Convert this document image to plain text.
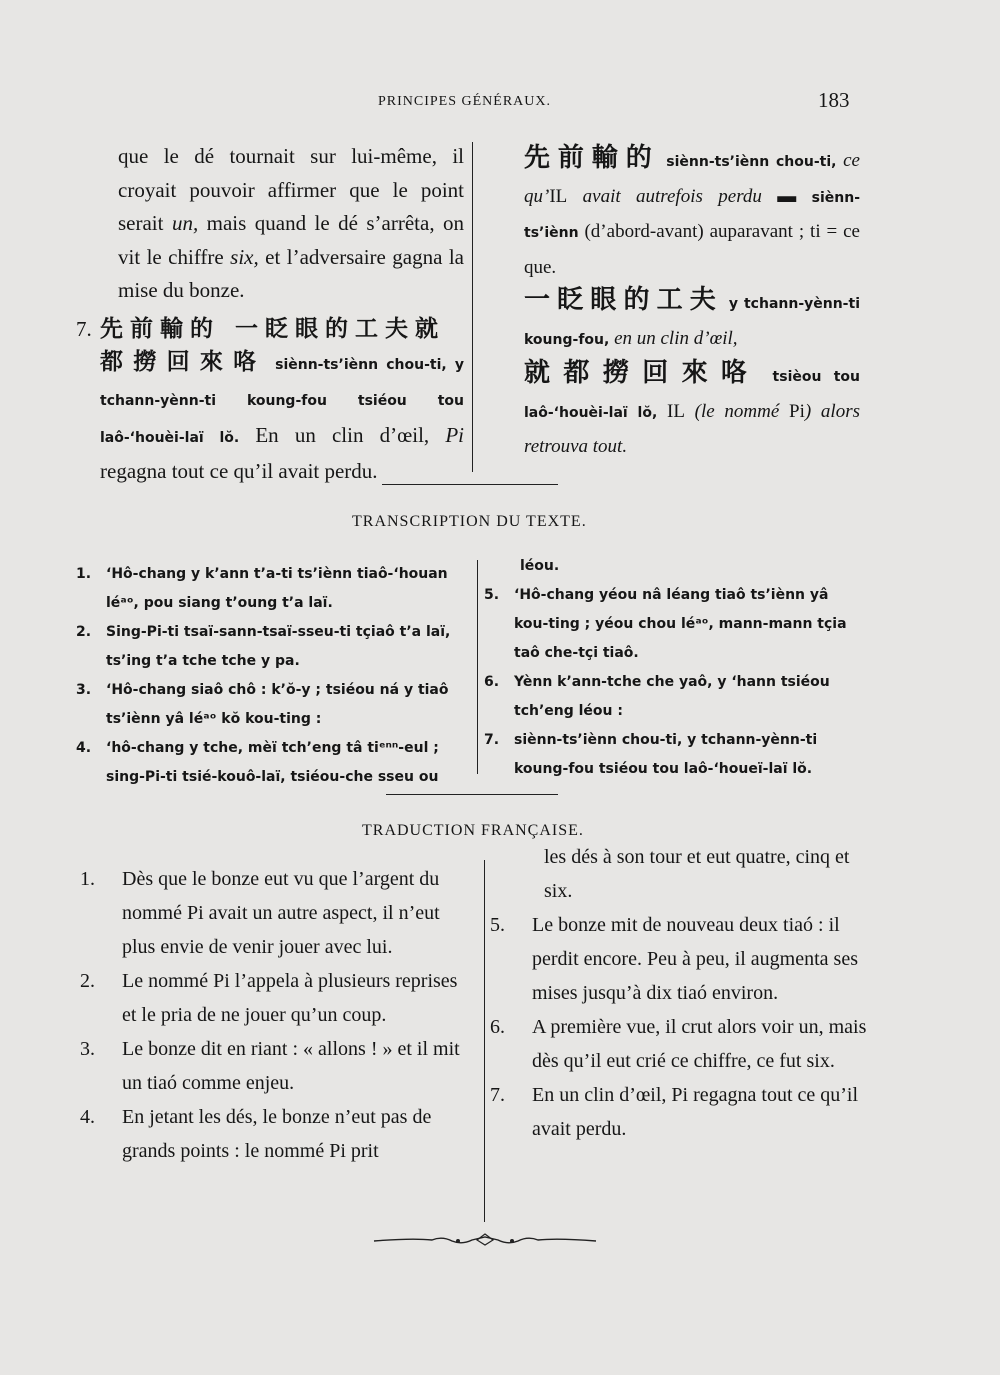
PRINCIPES GÉNÉRAUX.	183

que le dé tournait sur lui-même, il croyait pouvoir affirmer que le point serait un, mais quand le dé s’arrêta, on vit le chiffre six, et l’adversaire gagna la mise du bonze.

7. 先前輸的 一眨眼的工夫就

都撈回來咯 siènn-ts’iènn chou-ti, y tchann-yènn-ti koung-fou tsiéou tou laô-‘houèi-laï lŏ. En un clin d’œil, Pi regagna tout ce qu’il avait perdu.

先前輸的 siènn-ts’iènn chou-ti, ce qu’IL avait autrefois perdu ▬ siènn-ts’iènn (d’abord-avant) auparavant ; ti = ce que.

一眨眼的工夫 y tchann-yènn-ti koung-fou, en un clin d’œil,

就都撈回來咯 tsièou tou laô-‘houèi-laï lŏ, IL (le nommé Pi) alors retrouva tout.

TRANSCRIPTION DU TEXTE.
1.	‘Hô-chang y k’ann t’a-ti ts’iènn tiaô-‘houan léᵃᵒ, pou siang t’oung t’a laï.
2.	Sing-Pi-ti tsaï-sann-tsaï-sseu-ti tçiaô t’a laï, ts’ing t’a tche tche y pa.
3.	‘Hô-chang siaô chô : k’ŏ-y ; tsiéou ná y tiaô ts’iènn yâ léᵃᵒ kŏ kou-ting :
4.	‘hô-chang y tche, mèï tch’eng tâ tiᵉⁿⁿ-eul ; sing-Pi-ti tsié-kouô-laï, tsiéou-che sseu ou
léou.
5.	‘Hô-chang yéou nâ léang tiaô ts’iènn yâ kou-ting ; yéou chou léᵃᵒ, mann-mann tçia taô che-tçi tiaô.
6.	Yènn k’ann-tche che yaô, y ‘hann tsiéou tch’eng léou :
7.	siènn-ts’iènn chou-ti, y tchann-yènn-ti koung-fou tsiéou tou laô-‘houeï-laï lŏ.
TRADUCTION FRANÇAISE.
1.	Dès que le bonze eut vu que l’argent du nommé Pi avait un autre aspect, il n’eut plus envie de venir jouer avec lui.
2.	Le nommé Pi l’appela à plusieurs reprises et le pria de ne jouer qu’un coup.
3.	Le bonze dit en riant : « allons ! » et il mit un tiaó comme enjeu.
4.	En jetant les dés, le bonze n’eut pas de grands points : le nommé Pi prit
les dés à son tour et eut quatre, cinq et six.
5.	Le bonze mit de nouveau deux tiaó : il perdit encore. Peu à peu, il augmenta ses mises jusqu’à dix tiaó environ.
6.	A première vue, il crut alors voir un, mais dès qu’il eut crié ce chiffre, ce fut six.
7.	En un clin d’œil, Pi regagna tout ce qu’il avait perdu.
